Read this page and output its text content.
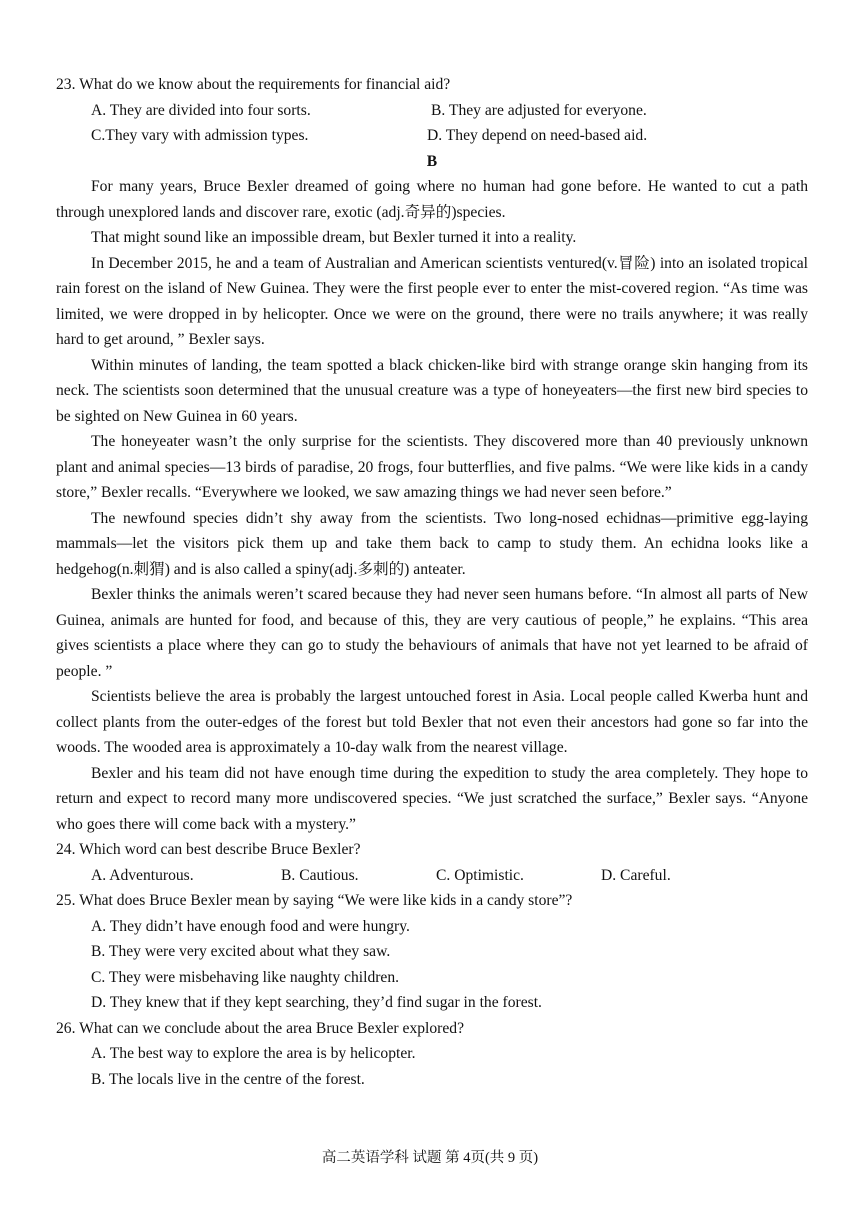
23. What do we know about the requirements for financial aid?

A. They are divided into four sorts.	B. They are adjusted for everyone.
C.They vary with admission types.	D. They depend on need-based aid.

B

For many years, Bruce Bexler dreamed of going where no human had gone before. He wanted to cut a path through unexplored lands and discover rare, exotic (adj.奇异的)species.

That might sound like an impossible dream, but Bexler turned it into a reality.

In December 2015, he and a team of Australian and American scientists ventured(v.冒险) into an isolated tropical rain forest on the island of New Guinea. They were the first people ever to enter the mist-covered region. “As time was limited, we were dropped in by helicopter. Once we were on the ground, there were no trails anywhere; it was really hard to get around, ” Bexler says.

Within minutes of landing, the team spotted a black chicken-like bird with strange orange skin hanging from its neck. The scientists soon determined that the unusual creature was a type of honeyeaters—the first new bird species to be sighted on New Guinea in 60 years.

The honeyeater wasn’t the only surprise for the scientists. They discovered more than 40 previously unknown plant and animal species—13 birds of paradise, 20 frogs, four butterflies, and five palms. “We were like kids in a candy store,” Bexler recalls. “Everywhere we looked, we saw amazing things we had never seen before.”

The newfound species didn’t shy away from the scientists. Two long-nosed echidnas—primitive egg-laying mammals—let the visitors pick them up and take them back to camp to study them. An echidna looks like a hedgehog(n.刺猬) and is also called a spiny(adj.多刺的) anteater.

Bexler thinks the animals weren’t scared because they had never seen humans before. “In almost all parts of New Guinea, animals are hunted for food, and because of this, they are very cautious of people,” he explains. “This area gives scientists a place where they can go to study the behaviours of animals that have not yet learned to be afraid of people. ”

Scientists believe the area is probably the largest untouched forest in Asia. Local people called Kwerba hunt and collect plants from the outer-edges of the forest but told Bexler that not even their ancestors had gone so far into the woods. The wooded area is approximately a 10-day walk from the nearest village.

Bexler and his team did not have enough time during the expedition to study the area completely. They hope to return and expect to record many more undiscovered species. “We just scratched the surface,” Bexler says. “Anyone who goes there will come back with a mystery.”

24. Which word can best describe Bruce Bexler?

A. Adventurous.	B. Cautious.	C. Optimistic.	D. Careful.

25. What does Bruce Bexler mean by saying “We were like kids in a candy store”?

A. They didn’t have enough food and were hungry.

B. They were very excited about what they saw.

C. They were misbehaving like naughty children.

D. They knew that if they kept searching, they’d find sugar in the forest.

26. What can we conclude about the area Bruce Bexler explored?

A. The best way to explore the area is by helicopter.

B. The locals live in the centre of the forest.

高二英语学科 试题 第 4页(共 9 页)
